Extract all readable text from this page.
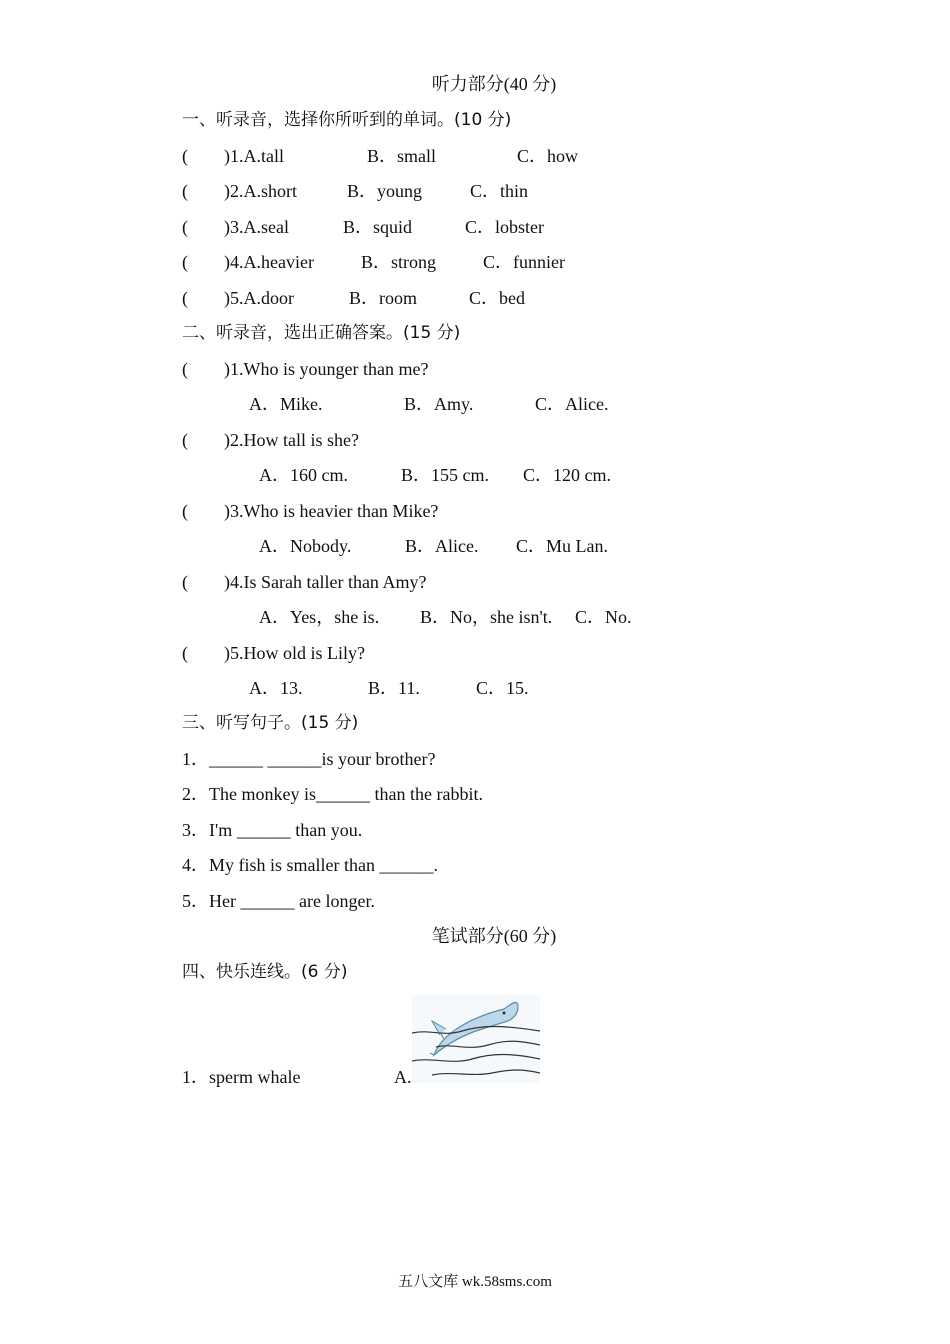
听力部分(40 分)
一、听录音，选择你所听到的单词。(10 分)
(        )1.A.tall	B．small	C．how
(        )2.A.short	B．young	C．thin
(        )3.A.seal	B．squid	C．lobster
(        )4.A.heavier	B．strong	C．funnier
(        )5.A.door	B．room	C．bed
二、听录音，选出正确答案。(15 分)
(        )1.Who is younger than me?
A．Mike.	B．Amy.	C．Alice.
(        )2.How tall is she?
A．160 cm.	B．155 cm. C．120 cm.
(        )3.Who is heavier than Mike?
A．Nobody.	B．Alice. C．Mu Lan.
(        )4.Is Sarah taller than Amy?
A．Yes，she is. B．No，she isn't. C．No.
(        )5.How old is Lily?
A．13.	B．11.	C．15.
三、听写句子。(15 分)
1．______ ______is your brother?
2．The monkey is______ than the rabbit.
3．I'm ______ than you.
4．My fish is smaller than ______.
5．Her ______ are longer.
笔试部分(60 分)
四、快乐连线。(6 分)
1．sperm whale	A.
五八文库 wk.58sms.com
